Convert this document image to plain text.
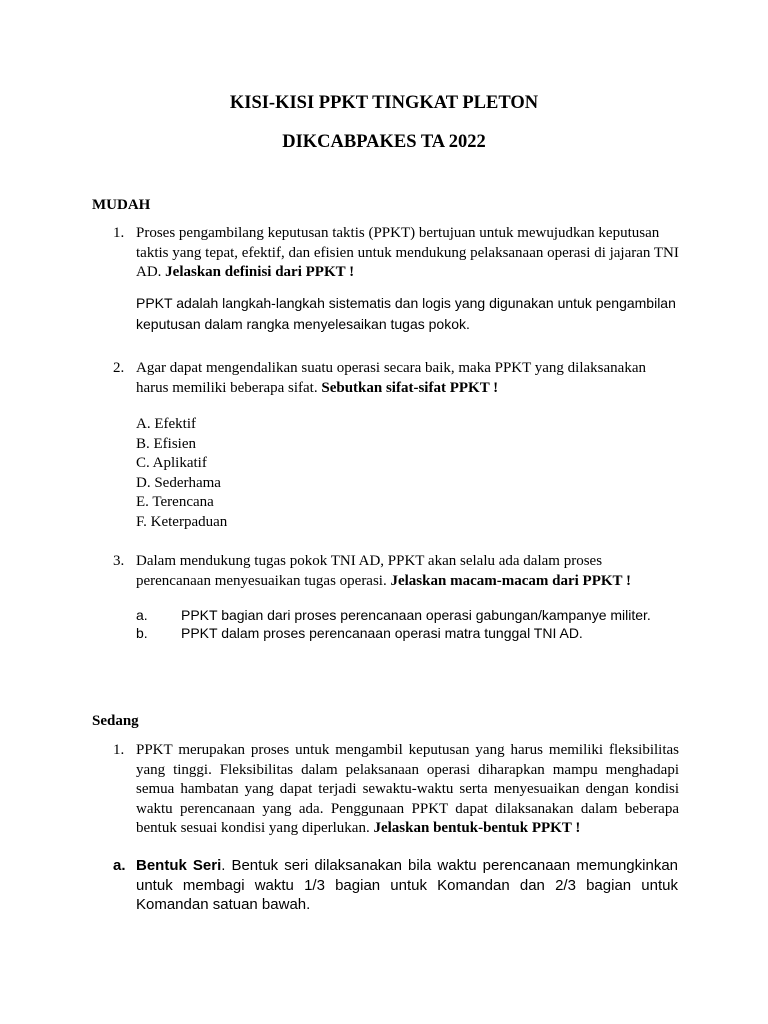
KISI-KISI PPKT TINGKAT PLETON
DIKCABPAKES TA 2022
MUDAH
1. Proses pengambilang keputusan taktis (PPKT) bertujuan untuk mewujudkan keputusan taktis yang tepat, efektif, dan efisien untuk mendukung pelaksanaan operasi di jajaran TNI AD. Jelaskan definisi dari PPKT !
PPKT adalah langkah-langkah sistematis dan logis yang digunakan untuk pengambilan keputusan dalam rangka menyelesaikan tugas pokok.
2. Agar dapat mengendalikan suatu operasi secara baik, maka PPKT yang dilaksanakan harus memiliki beberapa sifat. Sebutkan sifat-sifat PPKT !
A. Efektif
B. Efisien
C. Aplikatif
D. Sederhama
E. Terencana
F. Keterpaduan
3. Dalam mendukung tugas pokok TNI AD, PPKT akan selalu ada dalam proses perencanaan menyesuaikan tugas operasi. Jelaskan macam-macam dari PPKT !
a. PPKT bagian dari proses perencanaan operasi gabungan/kampanye militer.
b. PPKT dalam proses perencanaan operasi matra tunggal TNI AD.
Sedang
1. PPKT merupakan proses untuk mengambil keputusan yang harus memiliki fleksibilitas yang tinggi. Fleksibilitas dalam pelaksanaan operasi diharapkan mampu menghadapi semua hambatan yang dapat terjadi sewaktu-waktu serta menyesuaikan dengan kondisi waktu perencanaan yang ada. Penggunaan PPKT dapat dilaksanakan dalam beberapa bentuk sesuai kondisi yang diperlukan. Jelaskan bentuk-bentuk PPKT !
a. Bentuk Seri. Bentuk seri dilaksanakan bila waktu perencanaan memungkinkan untuk membagi waktu 1/3 bagian untuk Komandan dan 2/3 bagian untuk Komandan satuan bawah.
